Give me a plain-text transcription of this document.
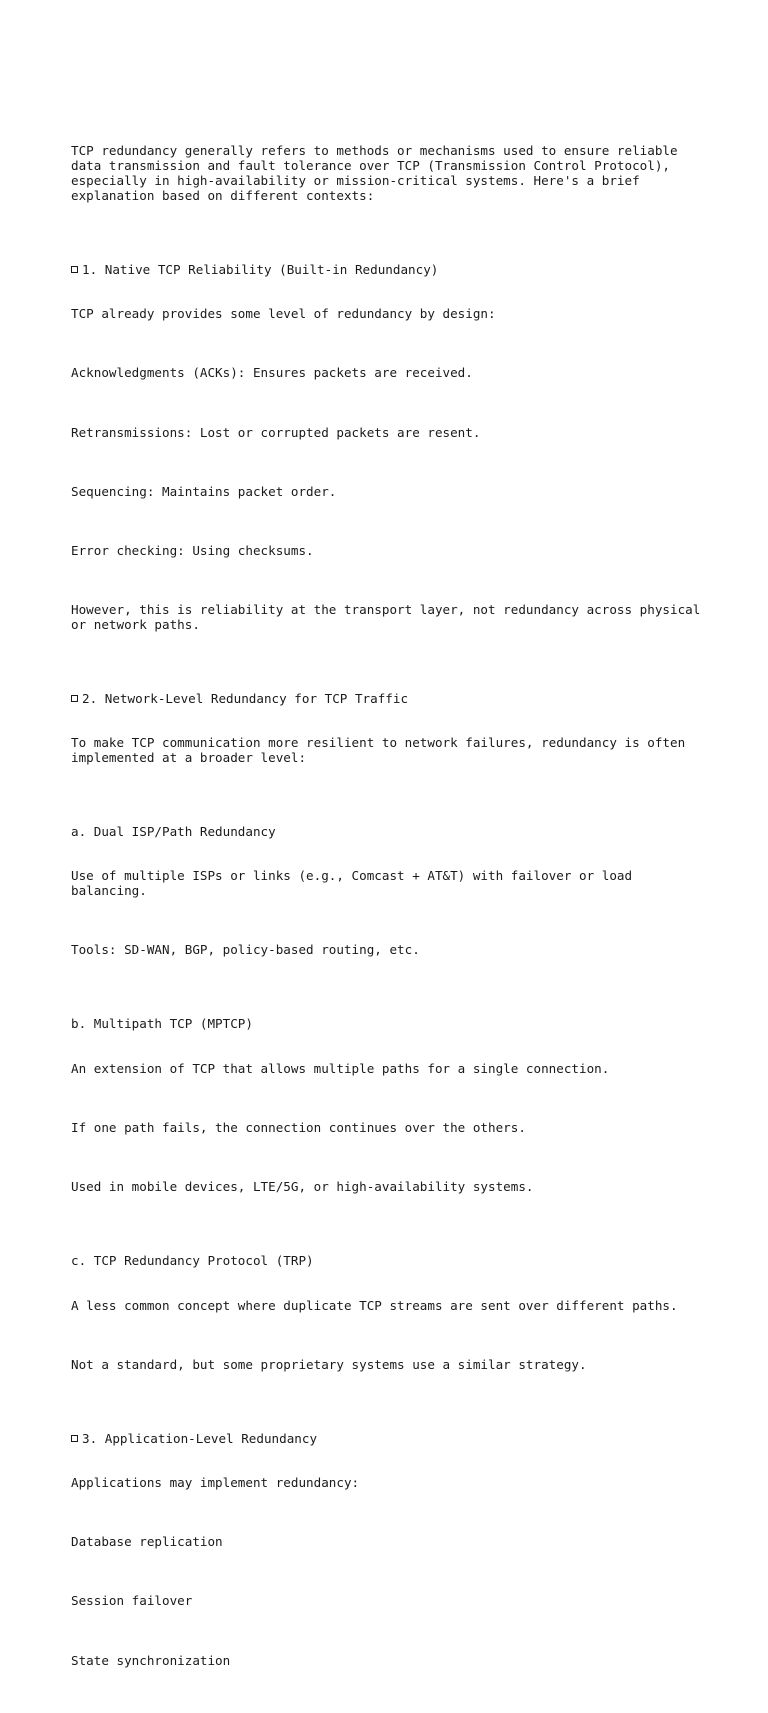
TCP redundancy generally refers to methods or mechanisms used to ensure reliable
data transmission and fault tolerance over TCP (Transmission Control Protocol),
especially in high-availability or mission-critical systems. Here's a brief
explanation based on different contexts:

1. Native TCP Reliability (Built-in Redundancy)

TCP already provides some level of redundancy by design:

Acknowledgments (ACKs): Ensures packets are received.

Retransmissions: Lost or corrupted packets are resent.

Sequencing: Maintains packet order.

Error checking: Using checksums.

However, this is reliability at the transport layer, not redundancy across physical
or network paths.

2. Network-Level Redundancy for TCP Traffic

To make TCP communication more resilient to network failures, redundancy is often
implemented at a broader level:

a. Dual ISP/Path Redundancy

Use of multiple ISPs or links (e.g., Comcast + AT&T) with failover or load
balancing.

Tools: SD-WAN, BGP, policy-based routing, etc.

b. Multipath TCP (MPTCP)

An extension of TCP that allows multiple paths for a single connection.

If one path fails, the connection continues over the others.

Used in mobile devices, LTE/5G, or high-availability systems.

c. TCP Redundancy Protocol (TRP)

A less common concept where duplicate TCP streams are sent over different paths.

Not a standard, but some proprietary systems use a similar strategy.

3. Application-Level Redundancy

Applications may implement redundancy:

Database replication

Session failover

State synchronization
